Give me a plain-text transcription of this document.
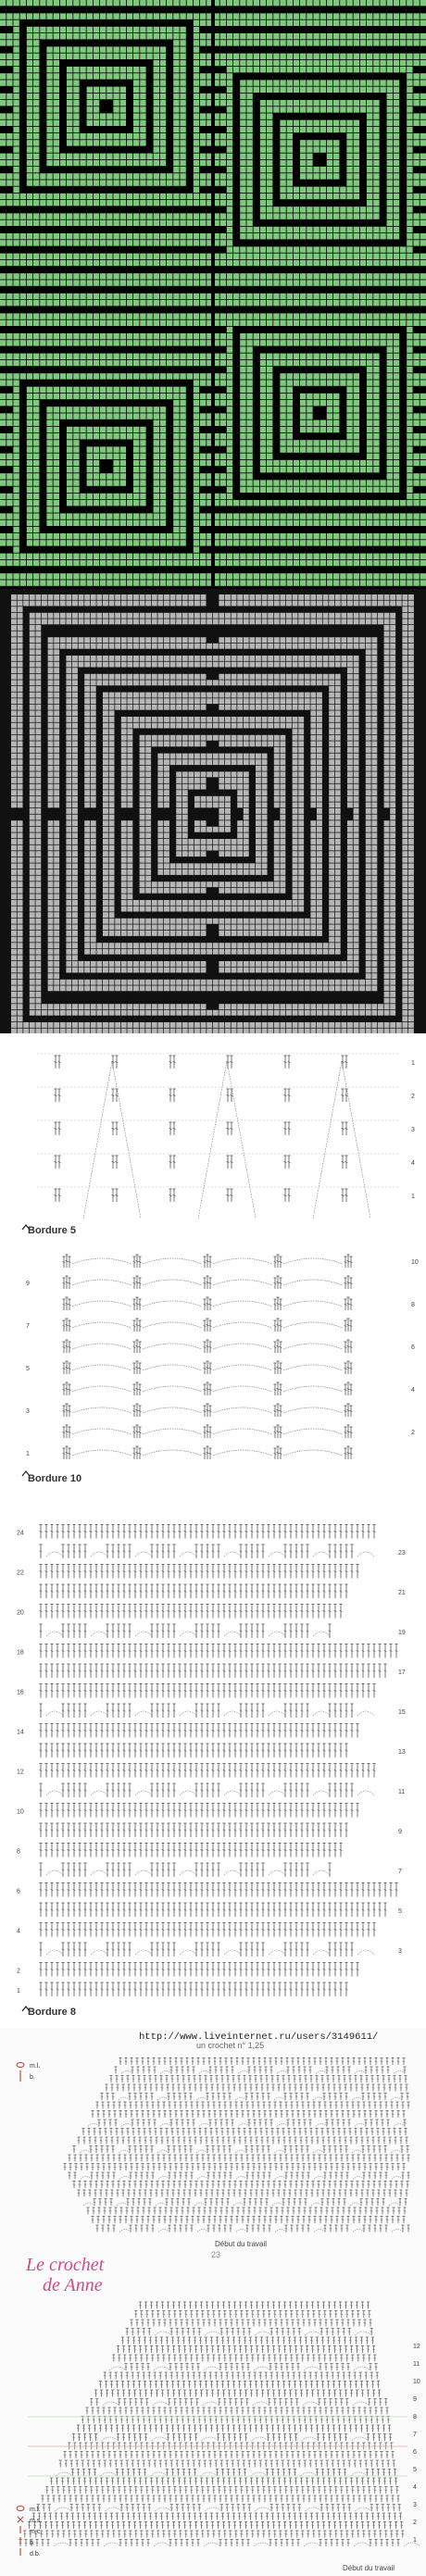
Bordure 5
Bordure 10
1
2
3
4
1
1
2
3
4
5
6
7
8
9
10
Bordure 8
1
2
4
6
8
10
12
14
16
18
20
22
24
3
5
7
9
11
13
15
17
19
21
23
un crochet n° 1,25
http://www.liveinternet.ru/users/3149611/
Début du travail
Le crochet
de Anne
Début du travail
23
m.l.
b.
m.l.
m.s.
m.c.
b.
d.b.
1
2
3
4
5
6
7
8
9
10
11
12
